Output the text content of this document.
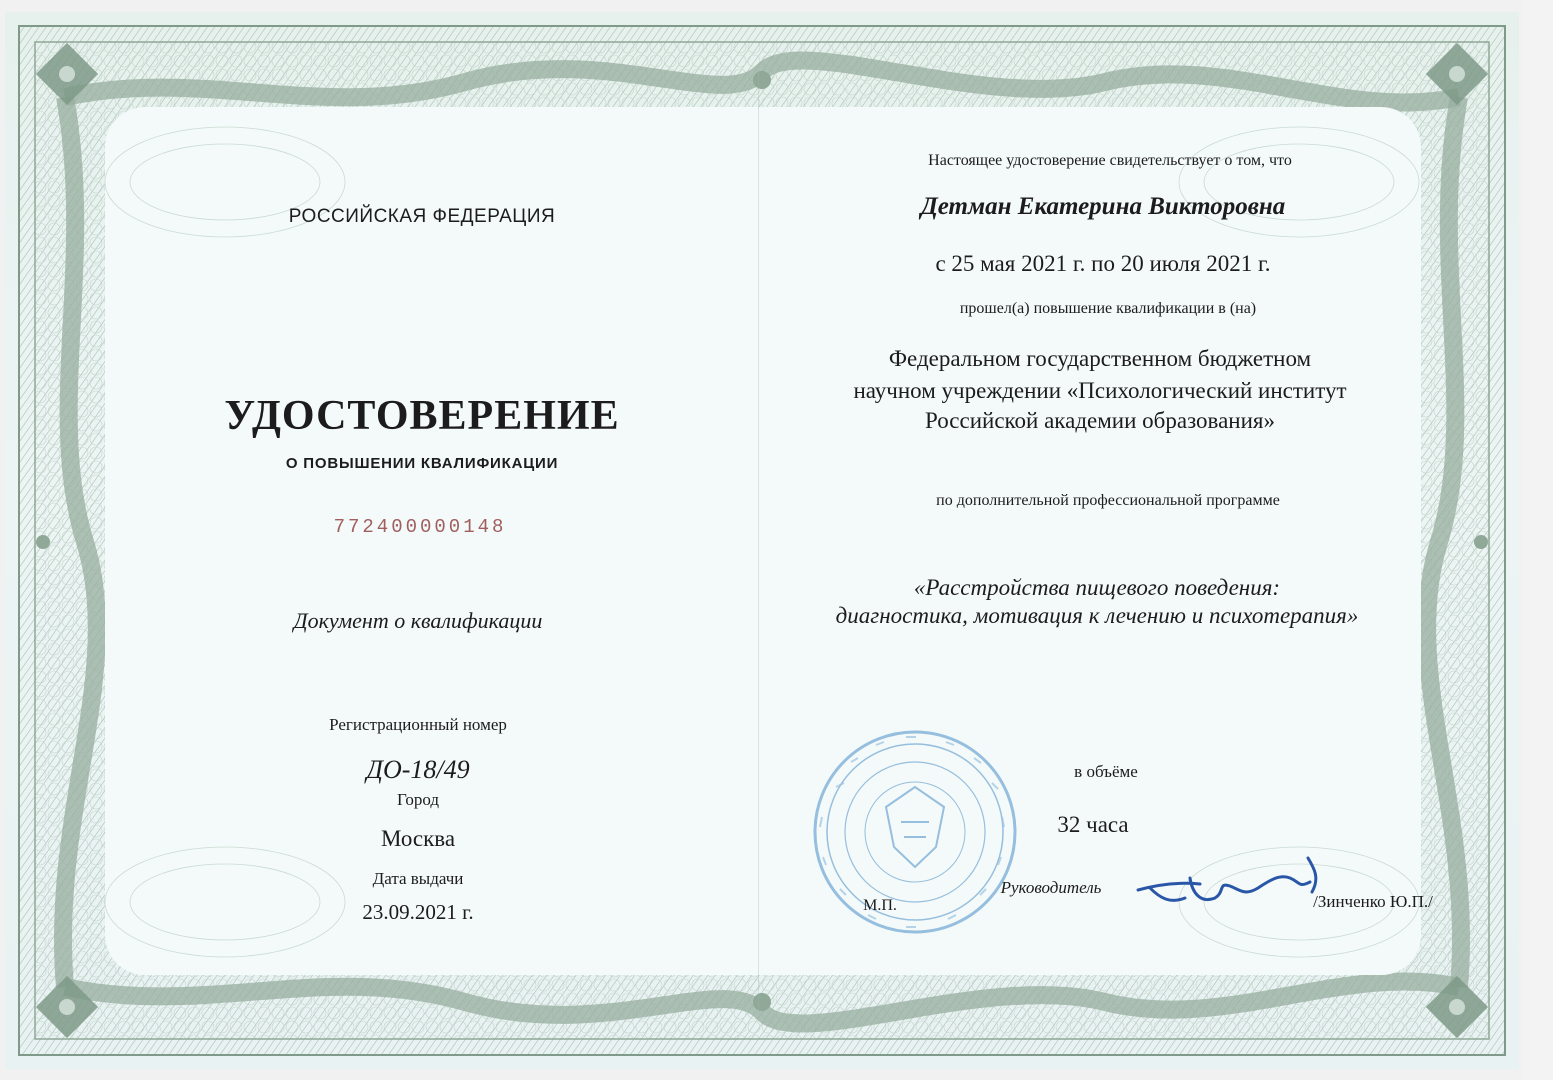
РОССИЙСКАЯ ФЕДЕРАЦИЯ
УДОСТОВЕРЕНИЕ
О ПОВЫШЕНИИ КВАЛИФИКАЦИИ
772400000148
Документ о квалификации
Регистрационный номер
ДО-18/49
Город
Москва
Дата выдачи
23.09.2021 г.
Настоящее удостоверение свидетельствует о том, что
Детман Екатерина Викторовна
с 25 мая 2021 г. по 20 июля 2021 г.
прошел(а) повышение квалификации в (на)
Федеральном государственном бюджетном
научном учреждении «Психологический институт
Российской академии образования»
по дополнительной профессиональной программе
«Расстройства пищевого поведения:
диагностика, мотивация к лечению и психотерапия»
в объёме
32 часа
Руководитель
/Зинченко Ю.П./
М.П.
